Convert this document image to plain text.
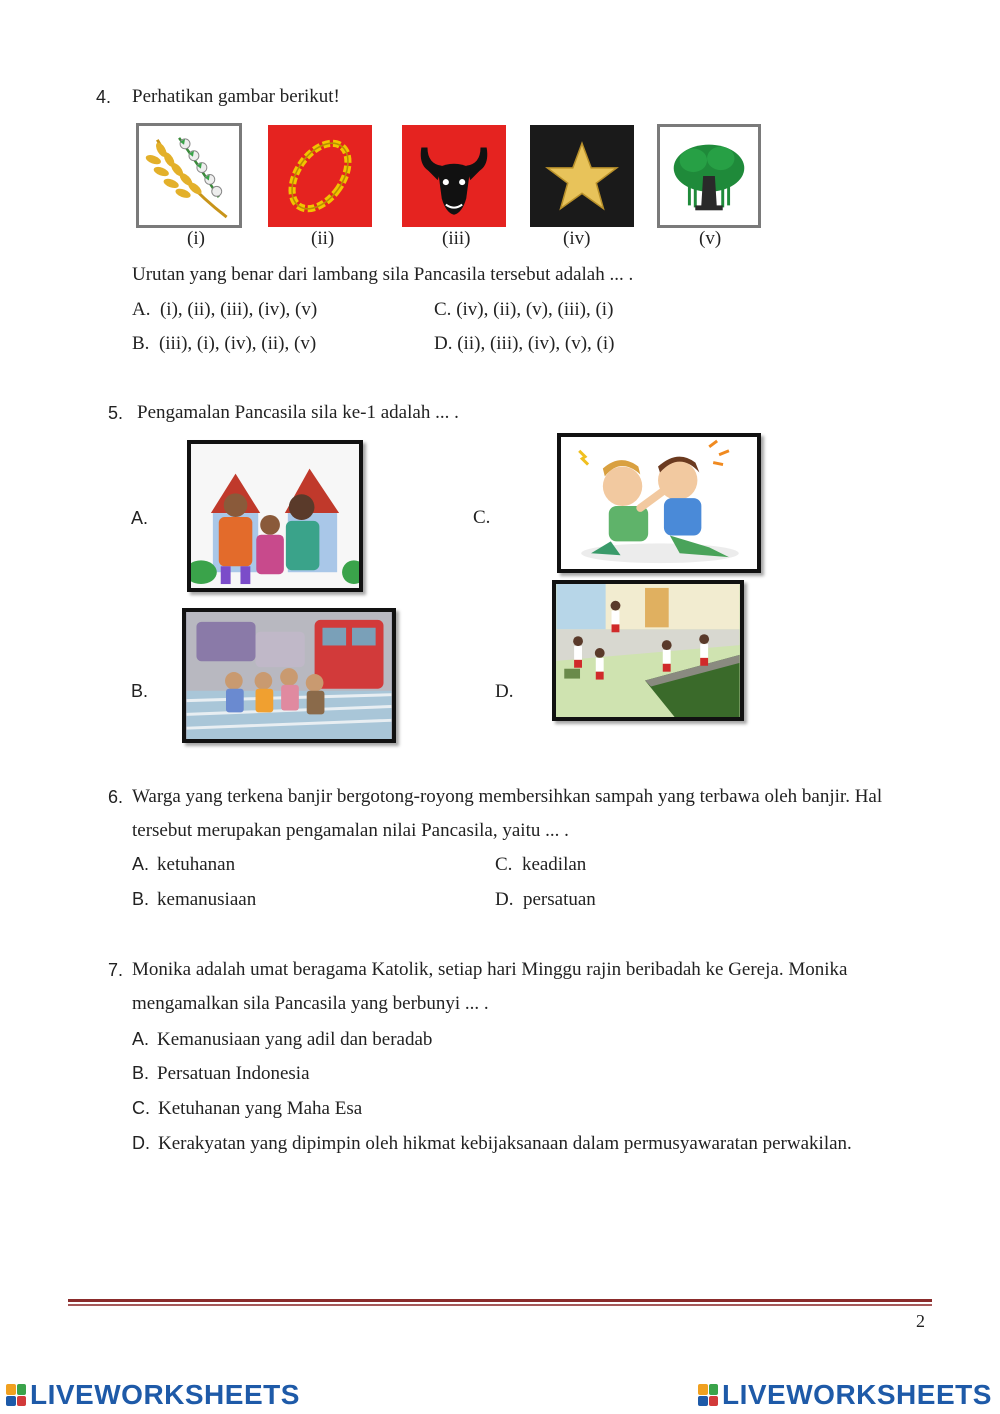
4. Perhatikan gambar berikut!
(i)	(ii)	(iii)	(iv)	(v)
Urutan yang benar dari lambang sila Pancasila tersebut adalah ... .
A. (i), (ii), (iii), (iv), (v)
B. (iii), (i), (iv), (ii), (v)
C. (iv), (ii), (v), (iii), (i)
D. (ii), (iii), (iv), (v), (i)
5. Pengamalan Pancasila sila ke-1 adalah ... .
A.	C.
B.	D.
6. Warga yang terkena banjir bergotong-royong membersihkan sampah yang terbawa oleh banjir. Hal
tersebut merupakan pengamalan nilai Pancasila, yaitu ... .
A. ketuhanan
B. kemanusiaan
C. keadilan
D. persatuan
7. Monika adalah umat beragama Katolik, setiap hari Minggu rajin beribadah ke Gereja. Monika
mengamalkan sila Pancasila yang berbunyi ... .
A. Kemanusiaan yang adil dan beradab
B. Persatuan Indonesia
C. Ketuhanan yang Maha Esa
D. Kerakyatan yang dipimpin oleh hikmat kebijaksanaan dalam permusyawaratan perwakilan.
2
LIVEWORKSHEETS	LIVEWORKSHEETS
